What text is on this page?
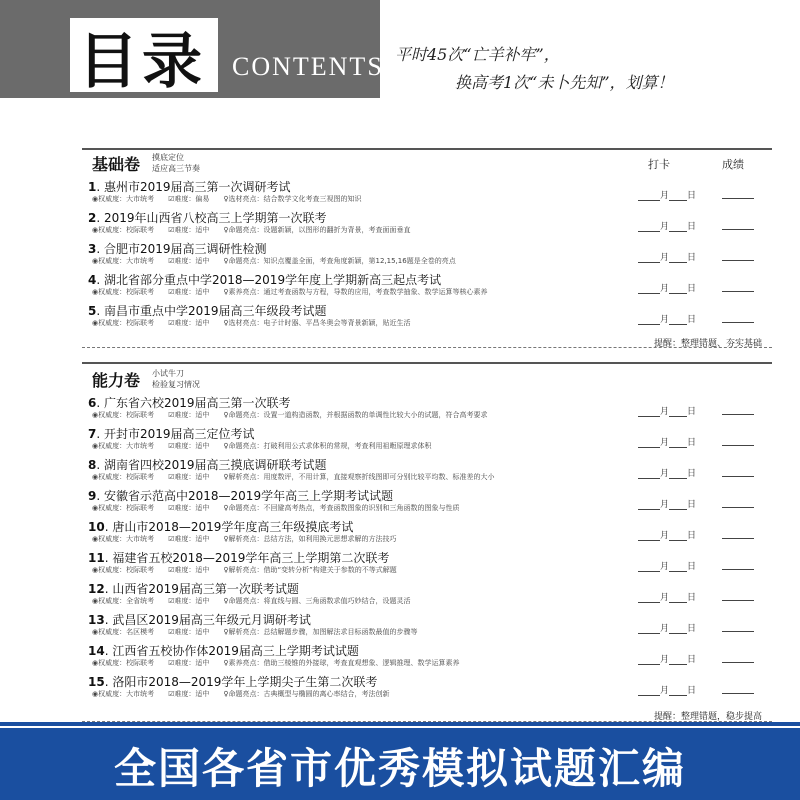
目录 CONTENTS 平时45次“亡羊补牢”，
换高考1次“未卜先知”，划算！
基础卷 摸底定位
适应高三节奏	打卡	成绩
1. 惠州市2019届高三第一次调研考试
◉权威度：大市统考 ☑难度：偏易 ♀选材亮点：结合数学文化考查三视图的知识	月 日
2. 2019年山西省八校高三上学期第一次联考
◉权威度：校际联考 ☑难度：适中 ♀命题亮点：设题新颖，以图形的翻折为背景，考查面面垂直	月 日
3. 合肥市2019届高三调研性检测
◉权威度：大市统考 ☑难度：适中 ♀命题亮点：知识点覆盖全面，考查角度新颖，第12,15,16题是全卷的亮点	月 日
4. 湖北省部分重点中学2018—2019学年度上学期新高三起点考试
◉权威度：校际联考 ☑难度：适中 ♀素养亮点：通过考查函数与方程，导数的应用，考查数学抽象、数学运算等核心素养	月 日
5. 南昌市重点中学2019届高三年级段考试题
◉权威度：校际联考 ☑难度：适中 ♀选材亮点：电子计时器、平昌冬奥会等背景新颖，贴近生活	月 日
提醒：整理错题、夯实基础
能力卷 小试牛刀
检验复习情况
6. 广东省六校2019届高三第一次联考
◉权威度：校际联考 ☑难度：适中 ♀命题亮点：设置一道构造函数，并根据函数的单调性比较大小的试题，符合高考要求	月 日
7. 开封市2019届高三定位考试
◉权威度：大市统考 ☑难度：适中 ♀命题亮点：打破利用公式求体积的常规，考查利用祖暅原理求体积	月 日
8. 湖南省四校2019届高三摸底调研联考试题
◉权威度：校际联考 ☑难度：适中 ♀解析亮点：用度数评，不用计算，直接观察折线图即可分别比较平均数、标准差的大小	月 日
9. 安徽省示范高中2018—2019学年高三上学期考试试题
◉权威度：校际联考 ☑难度：适中 ♀命题亮点：不回避高考热点，考查函数图象的识别和三角函数的图象与性质	月 日
10. 唐山市2018—2019学年度高三年级摸底考试
◉权威度：大市统考 ☑难度：适中 ♀解析亮点：总结方法，如利用换元思想求解的方法技巧	月 日
11. 福建省五校2018—2019学年高三上学期第二次联考
◉权威度：校际联考 ☑难度：适中 ♀解析亮点：借助“变转分析”构建关于参数的不等式解题	月 日
12. 山西省2019届高三第一次联考试题
◉权威度：全省统考 ☑难度：适中 ♀命题亮点：将直线与圆、三角函数求值巧妙结合，设题灵活	月 日
13. 武昌区2019届高三年级元月调研考试
◉权威度：名区模考 ☑难度：适中 ♀解析亮点：总结解题步骤，加图解法求目标函数最值的步骤等	月 日
14. 江西省五校协作体2019届高三上学期考试试题
◉权威度：校际联考 ☑难度：适中 ♀素养亮点：借助三棱锥的外接球，考查直观想象、逻辑推理、数学运算素养	月 日
15. 洛阳市2018—2019学年上学期尖子生第二次联考
◉权威度：大市统考 ☑难度：适中 ♀命题亮点：古典概型与椭圆的离心率结合，考法创新	月 日
提醒：整理错题，稳步提高
全国各省市优秀模拟试题汇编
